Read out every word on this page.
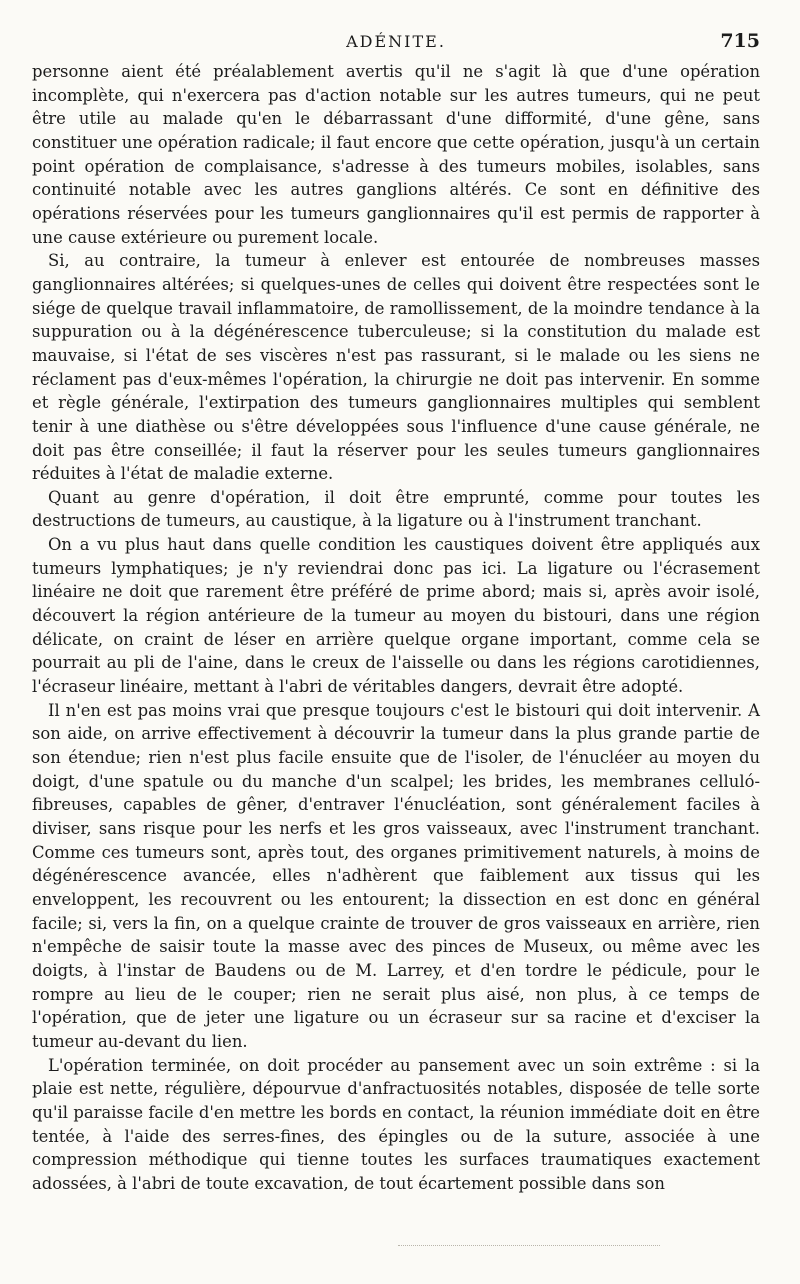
ADÉNITE.	715

personne aient été préalablement avertis qu'il ne s'agit là que d'une opération incomplète, qui n'exercera pas d'action notable sur les autres tumeurs, qui ne peut être utile au malade qu'en le débarrassant d'une difformité, d'une gêne, sans constituer une opération radicale; il faut encore que cette opération, jusqu'à un certain point opération de complaisance, s'adresse à des tumeurs mobiles, isolables, sans continuité notable avec les autres ganglions altérés. Ce sont en définitive des opérations réservées pour les tumeurs ganglionnaires qu'il est permis de rapporter à une cause extérieure ou purement locale.

Si, au contraire, la tumeur à enlever est entourée de nombreuses masses ganglionnaires altérées; si quelques-unes de celles qui doivent être respectées sont le siége de quelque travail inflammatoire, de ramollissement, de la moindre tendance à la suppuration ou à la dégénérescence tuberculeuse; si la constitution du malade est mauvaise, si l'état de ses viscères n'est pas rassurant, si le malade ou les siens ne réclament pas d'eux-mêmes l'opération, la chirurgie ne doit pas intervenir. En somme et règle générale, l'extirpation des tumeurs ganglionnaires multiples qui semblent tenir à une diathèse ou s'être développées sous l'influence d'une cause générale, ne doit pas être conseillée; il faut la réserver pour les seules tumeurs ganglionnaires réduites à l'état de maladie externe.

Quant au genre d'opération, il doit être emprunté, comme pour toutes les destructions de tumeurs, au caustique, à la ligature ou à l'instrument tranchant.

On a vu plus haut dans quelle condition les caustiques doivent être appliqués aux tumeurs lymphatiques; je n'y reviendrai donc pas ici. La ligature ou l'écrasement linéaire ne doit que rarement être préféré de prime abord; mais si, après avoir isolé, découvert la région antérieure de la tumeur au moyen du bistouri, dans une région délicate, on craint de léser en arrière quelque organe important, comme cela se pourrait au pli de l'aine, dans le creux de l'aisselle ou dans les régions carotidiennes, l'écraseur linéaire, mettant à l'abri de véritables dangers, devrait être adopté.

Il n'en est pas moins vrai que presque toujours c'est le bistouri qui doit intervenir. A son aide, on arrive effectivement à découvrir la tumeur dans la plus grande partie de son étendue; rien n'est plus facile ensuite que de l'isoler, de l'énucléer au moyen du doigt, d'une spatule ou du manche d'un scalpel; les brides, les membranes celluló-fibreuses, capables de gêner, d'entraver l'énucléation, sont généralement faciles à diviser, sans risque pour les nerfs et les gros vaisseaux, avec l'instrument tranchant. Comme ces tumeurs sont, après tout, des organes primitivement naturels, à moins de dégénérescence avancée, elles n'adhèrent que faiblement aux tissus qui les enveloppent, les recouvrent ou les entourent; la dissection en est donc en général facile; si, vers la fin, on a quelque crainte de trouver de gros vaisseaux en arrière, rien n'empêche de saisir toute la masse avec des pinces de Museux, ou même avec les doigts, à l'instar de Baudens ou de M. Larrey, et d'en tordre le pédicule, pour le rompre au lieu de le couper; rien ne serait plus aisé, non plus, à ce temps de l'opération, que de jeter une ligature ou un écraseur sur sa racine et d'exciser la tumeur au-devant du lien.

L'opération terminée, on doit procéder au pansement avec un soin extrême : si la plaie est nette, régulière, dépourvue d'anfractuosités notables, disposée de telle sorte qu'il paraisse facile d'en mettre les bords en contact, la réunion immédiate doit en être tentée, à l'aide des serres-fines, des épingles ou de la suture, associée à une compression méthodique qui tienne toutes les surfaces traumatiques exactement adossées, à l'abri de toute excavation, de tout écartement possible dans son
